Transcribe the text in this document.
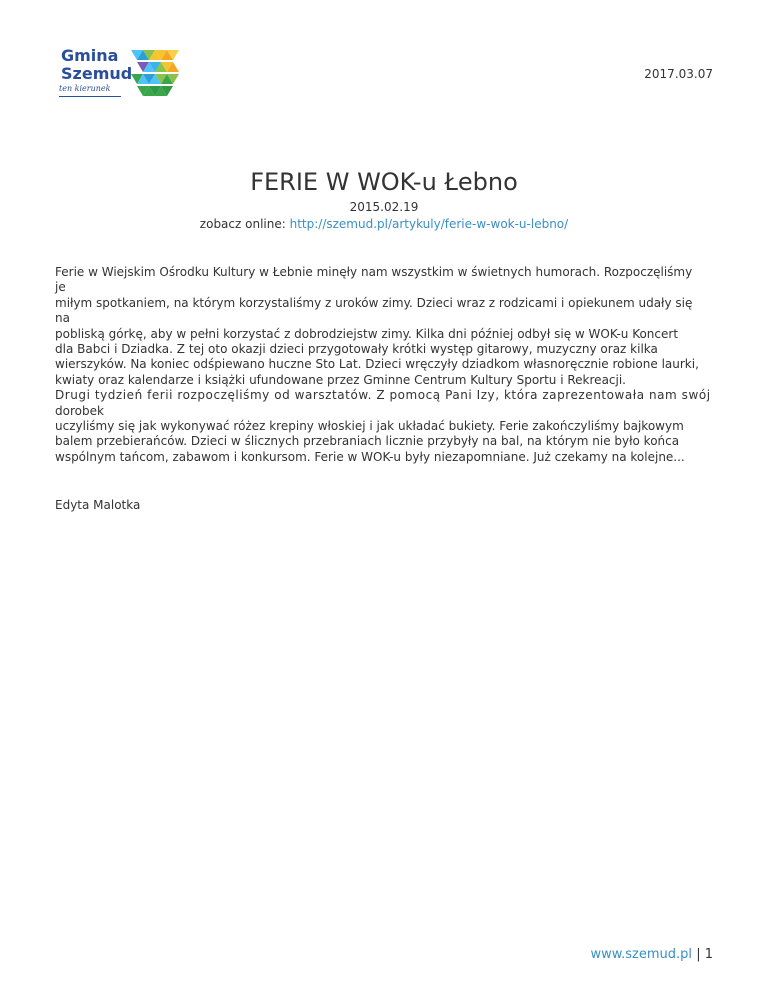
Gmina
Szemud
ten kierunek
2017.03.07
FERIE W WOK-u Łebno
2015.02.19
zobacz online: http://szemud.pl/artykuly/ferie-w-wok-u-lebno/
Ferie w Wiejskim Ośrodku Kultury w Łebnie minęły nam wszystkim w świetnych humorach. Rozpoczęliśmy
je
miłym spotkaniem, na którym korzystaliśmy z uroków zimy. Dzieci wraz z rodzicami i opiekunem udały się
na
pobliską górkę, aby w pełni korzystać z dobrodziejstw zimy. Kilka dni później odbył się w WOK-u Koncert
dla Babci i Dziadka. Z tej oto okazji dzieci przygotowały krótki występ gitarowy, muzyczny oraz kilka
wierszyków. Na koniec odśpiewano huczne Sto Lat. Dzieci wręczyły dziadkom własnoręcznie robione laurki,
kwiaty oraz kalendarze i książki ufundowane przez Gminne Centrum Kultury Sportu i Rekreacji.
Drugi tydzień ferii rozpoczęliśmy od warsztatów. Z pomocą Pani Izy, która zaprezentowała nam swój
dorobek
uczyliśmy się jak wykonywać różez krepiny włoskiej i jak układać bukiety. Ferie zakończyliśmy bajkowym
balem przebierańców. Dzieci w ślicznych przebraniach licznie przybyły na bal, na którym nie było końca
wspólnym tańcom, zabawom i konkursom. Ferie w WOK-u były niezapomniane. Już czekamy na kolejne...
Edyta Malotka
www.szemud.pl | 1
